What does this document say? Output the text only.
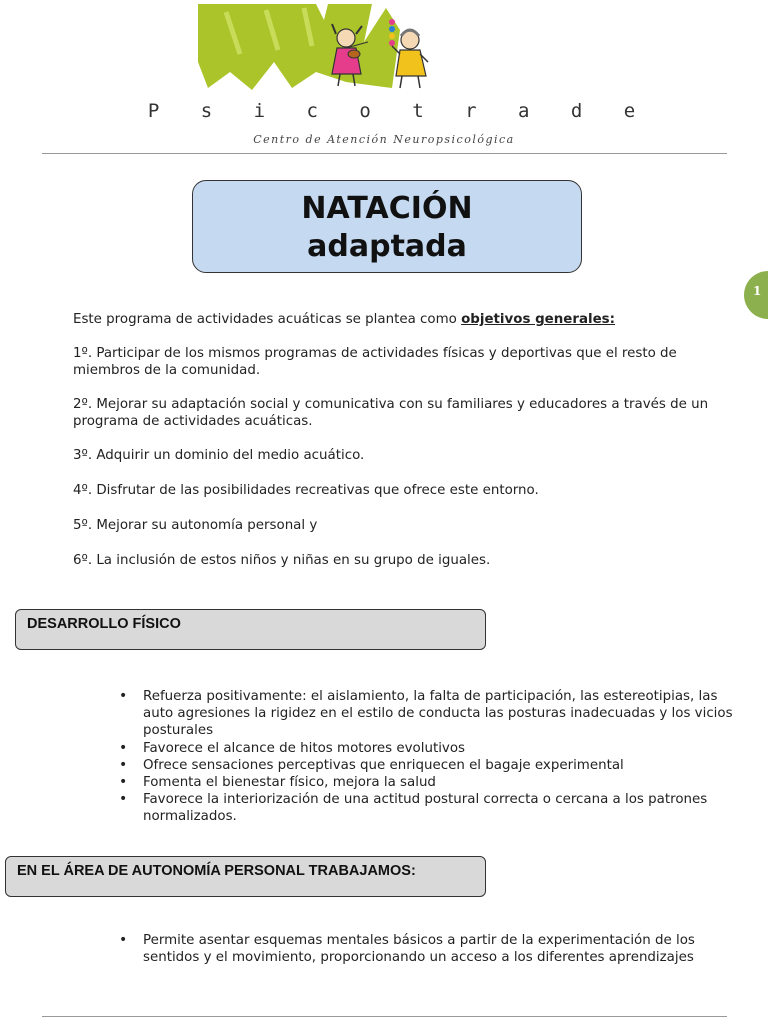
P s i c o t r a d e
Centro de Atención Neuropsicológica
NATACIÓN
adaptada
1
Este programa de actividades acuáticas se plantea como objetivos generales:
1º. Participar de los mismos programas de actividades físicas y deportivas que el resto de miembros de la comunidad.
2º. Mejorar su adaptación social y comunicativa con su familiares y educadores a través de un programa de actividades acuáticas.
3º. Adquirir un dominio del medio acuático.
4º. Disfrutar de las posibilidades recreativas que ofrece este entorno.
5º. Mejorar su autonomía personal y
6º. La inclusión de estos niños y niñas en su grupo de iguales.
DESARROLLO FÍSICO
• Refuerza positivamente: el aislamiento, la falta de participación, las estereotipias, las auto agresiones la rigidez en el estilo de conducta las posturas inadecuadas y los vicios posturales
• Favorece el alcance de hitos motores evolutivos
• Ofrece sensaciones perceptivas que enriquecen el bagaje experimental
• Fomenta el bienestar físico, mejora la salud
• Favorece la interiorización de una actitud postural correcta o cercana a los patrones normalizados.
EN EL ÁREA DE AUTONOMÍA PERSONAL TRABAJAMOS:
• Permite asentar esquemas mentales básicos a partir de la experimentación de los sentidos y el movimiento, proporcionando un acceso a los diferentes aprendizajes
